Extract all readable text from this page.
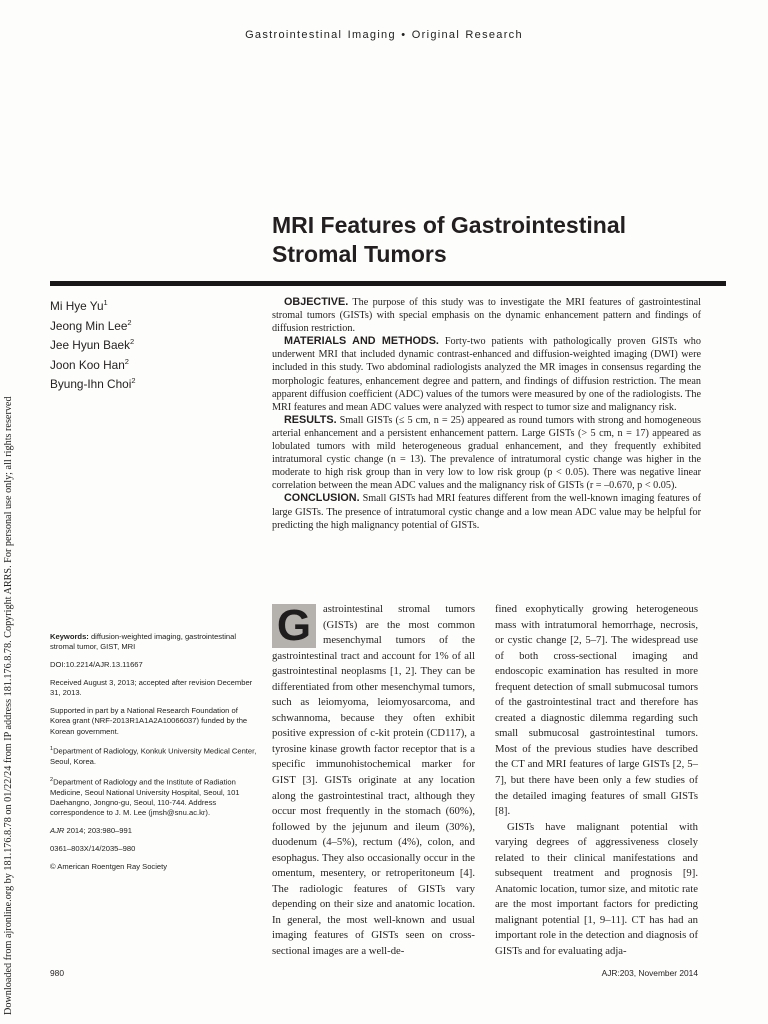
Downloaded from ajronline.org by 181.176.8.78 on 01/22/24 from IP address 181.176.8.78. Copyright ARRS. For personal use only; all rights reserved
Gastrointestinal Imaging • Original Research
MRI Features of Gastrointestinal
Stromal Tumors
Mi Hye Yu$^1$
Jeong Min Lee$^2$
Jee Hyun Baek$^2$
Joon Koo Han$^2$
Byung-Ihn Choi$^2$

OBJECTIVE. The purpose of this study was to investigate the MRI features of gastrointestinal stromal tumors (GISTs) with special emphasis on the dynamic enhancement pattern and findings of diffusion restriction.

MATERIALS AND METHODS. Forty-two patients with pathologically proven GISTs who underwent MRI that included dynamic contrast-enhanced and diffusion-weighted imaging (DWI) were included in this study. Two abdominal radiologists analyzed the MR images in consensus regarding the morphologic features, enhancement degree and pattern, and findings of diffusion restriction. The mean apparent diffusion coefficient (ADC) values of the tumors were measured by one of the radiologists. The MRI features and mean ADC values were analyzed with respect to tumor size and malignancy risk.

RESULTS. Small GISTs (≤ 5 cm, n = 25) appeared as round tumors with strong and homogeneous arterial enhancement and a persistent enhancement pattern. Large GISTs (> 5 cm, n = 17) appeared as lobulated tumors with mild heterogeneous gradual enhancement, and they frequently exhibited intratumoral cystic change (n = 13). The prevalence of intratumoral cystic change was higher in the moderate to high risk group than in very low to low risk group (p < 0.05). There was negative linear correlation between the mean ADC values and the malignancy risk of GISTs (r = –0.670, p < 0.05).

CONCLUSION. Small GISTs had MRI features different from the well-known imaging features of large GISTs. The presence of intratumoral cystic change and a low mean ADC value may be helpful for predicting the high malignancy potential of GISTs.

Keywords: diffusion-weighted imaging, gastrointestinal stromal tumor, GIST, MRI

DOI:10.2214/AJR.13.11667

Received August 3, 2013; accepted after revision December 31, 2013.

Supported in part by a National Research Foundation of Korea grant (NRF-2013R1A1A2A10066037) funded by the Korean government.

$^1$Department of Radiology, Konkuk University Medical Center, Seoul, Korea.

$^2$Department of Radiology and the Institute of Radiation Medicine, Seoul National University Hospital, Seoul, 101 Daehangno, Jongno-gu, Seoul, 110-744. Address correspondence to J. M. Lee (jmsh@snu.ac.kr).

AJR 2014; 203:980–991

0361–803X/14/2035–980

© American Roentgen Ray Society

G	astrointestinal stromal tumors (GISTs) are the most common mesenchymal tumors of the gastrointestinal tract and account for 1% of all gastrointestinal neoplasms [1, 2]. They can be differentiated from other mesenchymal tumors, such as leiomyoma, leiomyosarcoma, and schwannoma, because they often exhibit positive expression of c-kit protein (CD117), a tyrosine kinase growth factor receptor that is a specific immunohistochemical marker for GIST [3]. GISTs originate at any location along the gastrointestinal tract, although they occur most frequently in the stomach (60%), followed by the jejunum and ileum (30%), duodenum (4–5%), rectum (4%), colon, and esophagus. They also occasionally occur in the omentum, mesentery, or retroperitoneum [4]. The radiologic features of GISTs vary depending on their size and anatomic location. In general, the most well-known and usual imaging features of GISTs seen on cross-sectional images are a well-de-

fined exophytically growing heterogeneous mass with intratumoral hemorrhage, necrosis, or cystic change [2, 5–7]. The widespread use of both cross-sectional imaging and endoscopic examination has resulted in more frequent detection of small submucosal tumors of the gastrointestinal tract and therefore has created a diagnostic dilemma regarding such small submucosal gastrointestinal tumors. Most of the previous studies have described the CT and MRI features of large GISTs [2, 5–7], but there have been only a few studies of the detailed imaging features of small GISTs [8].

GISTs have malignant potential with varying degrees of aggressiveness closely related to their clinical manifestations and subsequent treatment and prognosis [9]. Anatomic location, tumor size, and mitotic rate are the most important factors for predicting malignant potential [1, 9–11]. CT has had an important role in the detection and diagnosis of GISTs and for evaluating adja-

980	AJR:203, November 2014
